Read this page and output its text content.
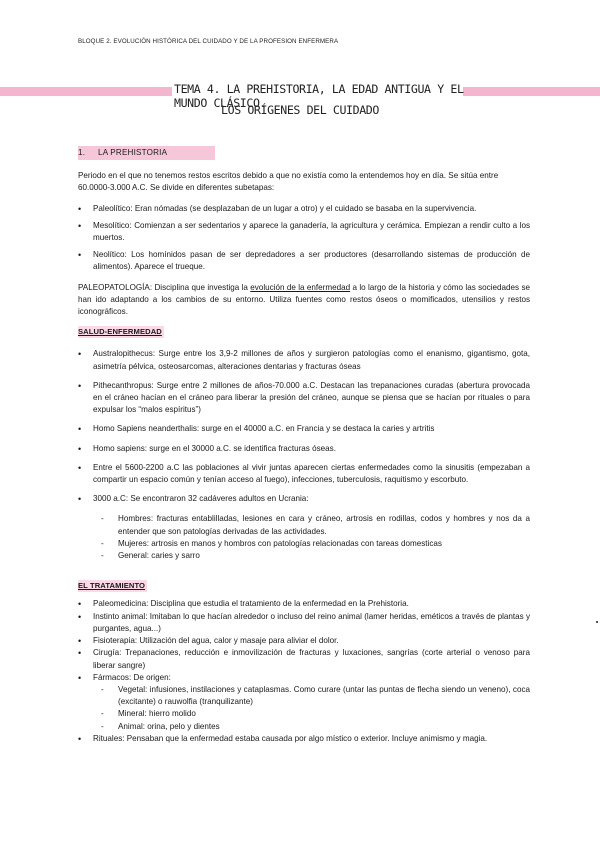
BLOQUE 2. EVOLUCIÓN HISTÓRICA DEL CUIDADO Y DE LA PROFESION ENFERMERA
TEMA 4. LA PREHISTORIA, LA EDAD ANTIGUA Y EL MUNDO CLÁSICO.
LOS ORÍGENES DEL CUIDADO
1. LA PREHISTORIA

Periodo en el que no tenemos restos escritos debido a que no existía como la entendemos hoy en día. Se sitúa entre 60.0000-3.000 A.C. Se divide en diferentes subetapas:

• Paleolítico: Eran nómadas (se desplazaban de un lugar a otro) y el cuidado se basaba en la supervivencia.
• Mesolítico: Comienzan a ser sedentarios y aparece la ganadería, la agricultura y cerámica. Empiezan a rendir culto a los muertos.
• Neolítico: Los homínidos pasan de ser depredadores a ser productores (desarrollando sistemas de producción de alimentos). Aparece el trueque.

PALEOPATOLOGÍA: Disciplina que investiga la evolución de la enfermedad a lo largo de la historia y cómo las sociedades se han ido adaptando a los cambios de su entorno. Utiliza fuentes como restos óseos o momificados, utensilios y restos iconográficos.

SALUD-ENFERMEDAD
• Australopithecus: Surge entre los 3,9-2 millones de años y surgieron patologías como el enanismo, gigantismo, gota, asimetría pélvica, osteosarcomas, alteraciones dentarias y fracturas óseas
• Pithecanthropus: Surge entre 2 millones de años-70.000 a.C. Destacan las trepanaciones curadas (abertura provocada en el cráneo hacían en el cráneo para liberar la presión del cráneo, aunque se piensa que se hacían por rituales o para expulsar los “malos espíritus”)
• Homo Sapiens neanderthalis: surge en el 40000 a.C. en Francia y se destaca la caries y artritis
• Homo sapiens: surge en el 30000 a.C. se identifica fracturas óseas.
• Entre el 5600-2200 a.C las poblaciones al vivir juntas aparecen ciertas enfermedades como la sinusitis (empezaban a compartir un espacio común y tenían acceso al fuego), infecciones, tuberculosis, raquitismo y escorbuto.
• 3000 a.C: Se encontraron 32 cadáveres adultos en Ucrania:
- Hombres: fracturas entablilladas, lesiones en cara y cráneo, artrosis en rodillas, codos y hombres y nos da a entender que son patologías derivadas de las actividades.
- Mujeres: artrosis en manos y hombros con patologías relacionadas con tareas domesticas
- General: caries y sarro
EL TRATAMIENTO
• Paleomedicina: Disciplina que estudia el tratamiento de la enfermedad en la Prehistoria.
• Instinto animal: Imitaban lo que hacían alrededor o incluso del reino animal (lamer heridas, eméticos a través de plantas y purgantes, agua...)
• Fisioterapia: Utilización del agua, calor y masaje para aliviar el dolor.
• Cirugía: Trepanaciones, reducción e inmovilización de fracturas y luxaciones, sangrías (corte arterial o venoso para liberar sangre)
• Fármacos: De origen:
- Vegetal: infusiones, instilaciones y cataplasmas. Como curare (untar las puntas de flecha siendo un veneno), coca (excitante) o rauwolfia (tranquilizante)
- Mineral: hierro molido
- Animal: orina, pelo y dientes
• Rituales: Pensaban que la enfermedad estaba causada por algo místico o exterior. Incluye animismo y magia.
